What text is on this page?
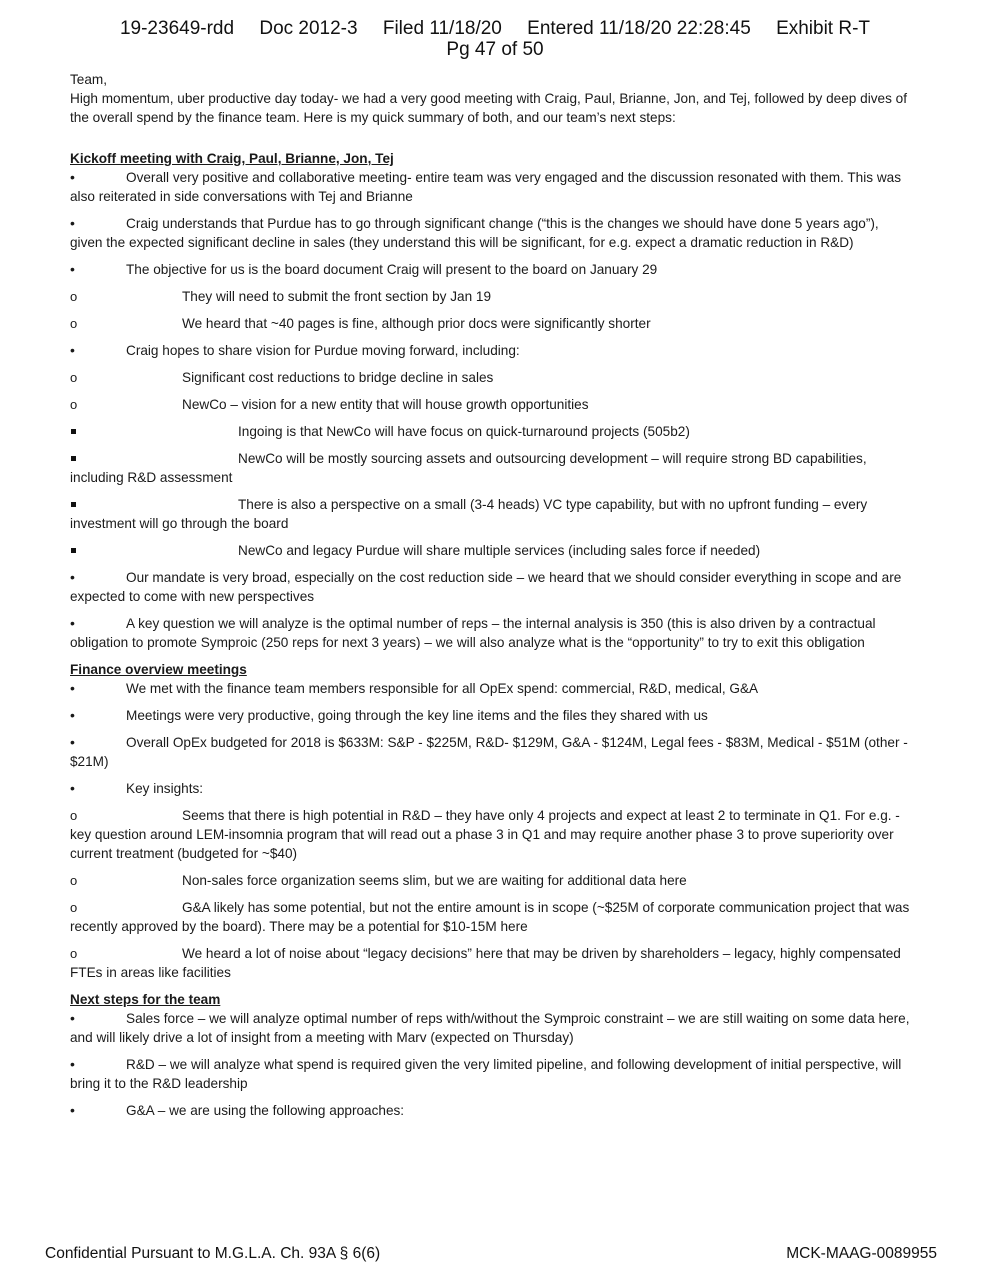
19-23649-rdd Doc 2012-3 Filed 11/18/20 Entered 11/18/20 22:28:45 Exhibit R-T
Pg 47 of 50

Team,

High momentum, uber productive day today- we had a very good meeting with Craig, Paul, Brianne, Jon, and Tej, followed by deep dives of the overall spend by the finance team. Here is my quick summary of both, and our team’s next steps:

Kickoff meeting with Craig, Paul, Brianne, Jon, Tej

•
Overall very positive and collaborative meeting- entire team was very engaged and the discussion resonated with them. This was also reiterated in side conversations with Tej and Brianne
•
Craig understands that Purdue has to go through significant change (“this is the changes we should have done 5 years ago”), given the expected significant decline in sales (they understand this will be significant, for e.g. expect a dramatic reduction in R&D)
•
The objective for us is the board document Craig will present to the board on January 29
o
They will need to submit the front section by Jan 19
o
We heard that ~40 pages is fine, although prior docs were significantly shorter
•
Craig hopes to share vision for Purdue moving forward, including:
o
Significant cost reductions to bridge decline in sales
o
NewCo – vision for a new entity that will house growth opportunities
Ingoing is that NewCo will have focus on quick-turnaround projects (505b2)
NewCo will be mostly sourcing assets and outsourcing development – will require strong BD capabilities, including R&D assessment
There is also a perspective on a small (3-4 heads) VC type capability, but with no upfront funding – every investment will go through the board
NewCo and legacy Purdue will share multiple services (including sales force if needed)
•
Our mandate is very broad, especially on the cost reduction side – we heard that we should consider everything in scope and are expected to come with new perspectives
•
A key question we will analyze is the optimal number of reps – the internal analysis is 350 (this is also driven by a contractual obligation to promote Symproic (250 reps for next 3 years) – we will also analyze what is the “opportunity” to try to exit this obligation

Finance overview meetings

•
We met with the finance team members responsible for all OpEx spend: commercial, R&D, medical, G&A
•
Meetings were very productive, going through the key line items and the files they shared with us
•
Overall OpEx budgeted for 2018 is $633M: S&P - $225M, R&D- $129M, G&A - $124M, Legal fees - $83M, Medical - $51M (other - $21M)
•
Key insights:
o
Seems that there is high potential in R&D – they have only 4 projects and expect at least 2 to terminate in Q1. For e.g. -key question around LEM-insomnia program that will read out a phase 3 in Q1 and may require another phase 3 to prove superiority over current treatment (budgeted for ~$40)
o
Non-sales force organization seems slim, but we are waiting for additional data here
o
G&A likely has some potential, but not the entire amount is in scope (~$25M of corporate communication project that was recently approved by the board). There may be a potential for $10-15M here
o
We heard a lot of noise about “legacy decisions” here that may be driven by shareholders – legacy, highly compensated FTEs in areas like facilities

Next steps for the team

•
Sales force – we will analyze optimal number of reps with/without the Symproic constraint – we are still waiting on some data here, and will likely drive a lot of insight from a meeting with Marv (expected on Thursday)
•
R&D – we will analyze what spend is required given the very limited pipeline, and following development of initial perspective, will bring it to the R&D leadership
•
G&A – we are using the following approaches:
Confidential Pursuant to M.G.L.A. Ch. 93A § 6(6)	MCK-MAAG-0089955
